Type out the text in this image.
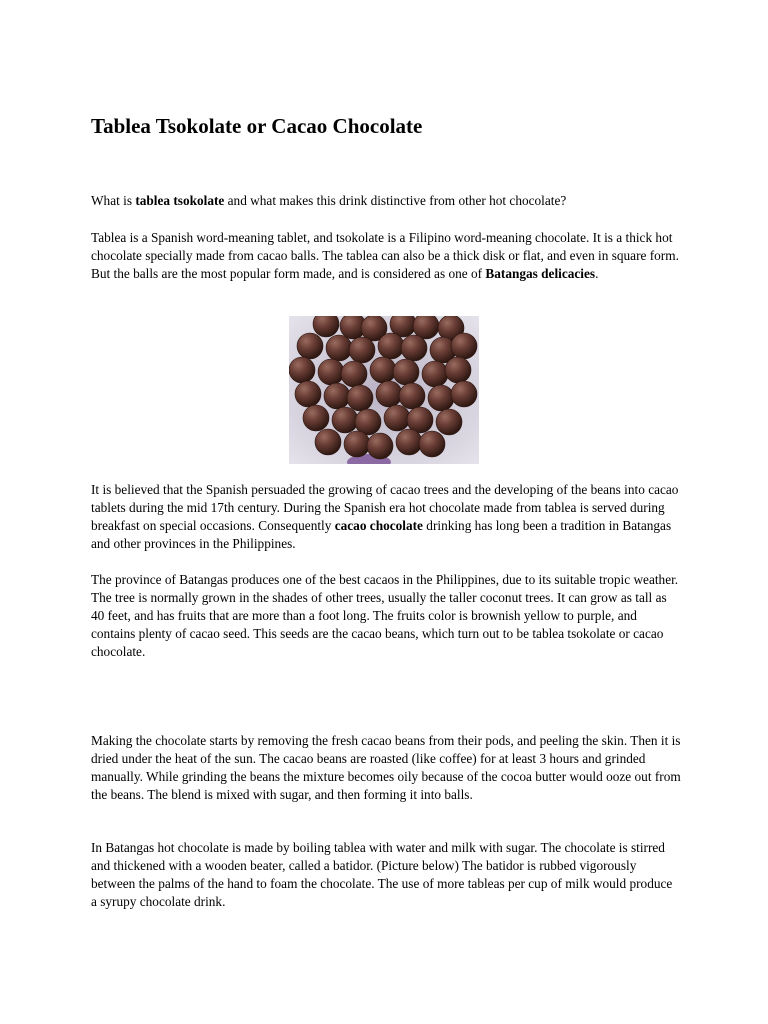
Tablea Tsokolate or Cacao Chocolate

What is tablea tsokolate and what makes this drink distinctive from other hot chocolate?

Tablea is a Spanish word-meaning tablet, and tsokolate is a Filipino word-meaning chocolate. It is a thick hot chocolate specially made from cacao balls. The tablea can also be a thick disk or flat, and even in square form. But the balls are the most popular form made, and is considered as one of Batangas delicacies.

It is believed that the Spanish persuaded the growing of cacao trees and the developing of the beans into cacao tablets during the mid 17th century. During the Spanish era hot chocolate made from tablea is served during breakfast on special occasions. Consequently cacao chocolate drinking has long been a tradition in Batangas and other provinces in the Philippines.

The province of Batangas produces one of the best cacaos in the Philippines, due to its suitable tropic weather. The tree is normally grown in the shades of other trees, usually the taller coconut trees. It can grow as tall as 40 feet, and has fruits that are more than a foot long. The fruits color is brownish yellow to purple, and contains plenty of cacao seed. This seeds are the cacao beans, which turn out to be tablea tsokolate or cacao chocolate.

Making the chocolate starts by removing the fresh cacao beans from their pods, and peeling the skin. Then it is dried under the heat of the sun. The cacao beans are roasted (like coffee) for at least 3 hours and grinded manually. While grinding the beans the mixture becomes oily because of the cocoa butter would ooze out from the beans. The blend is mixed with sugar, and then forming it into balls.

In Batangas hot chocolate is made by boiling tablea with water and milk with sugar. The chocolate is stirred and thickened with a wooden beater, called a batidor. (Picture below) The batidor is rubbed vigorously between the palms of the hand to foam the chocolate. The use of more tableas per cup of milk would produce a syrupy chocolate drink.
